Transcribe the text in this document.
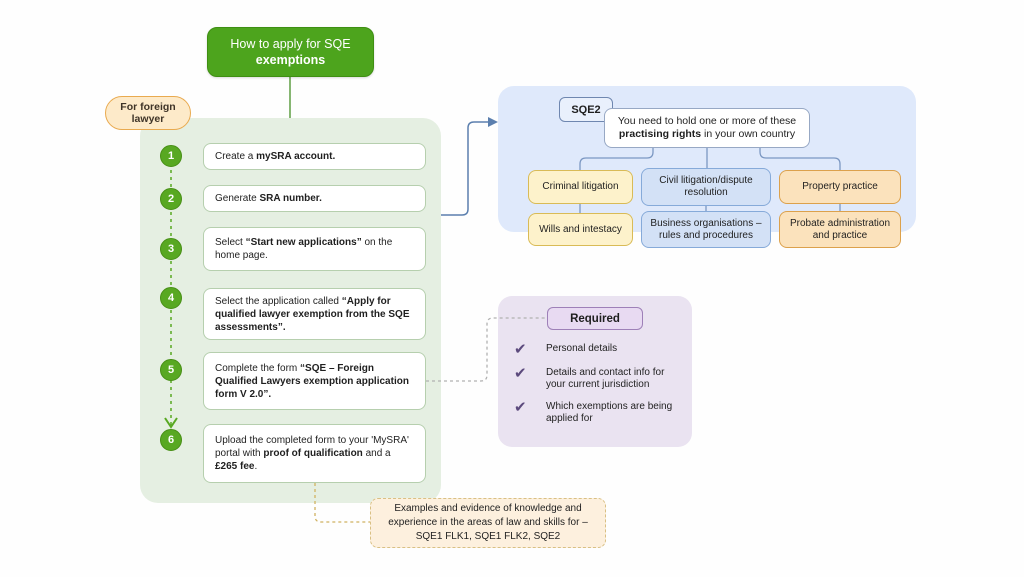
How to apply for SQE
exemptions
For foreign
lawyer
1
2
3
4
5
6
Create a mySRA account.
Generate SRA number.
Select “Start new applications” on the home page.
Select the application called “Apply for qualified lawyer exemption from the SQE assessments”.
Complete the form “SQE – Foreign Qualified Lawyers exemption application form V 2.0”.
Upload the completed form to your 'MySRA' portal with proof of qualification and a £265 fee.
SQE2
You need to hold one or more of these
practising rights in your own country
Criminal litigation
Civil litigation/dispute resolution
Property practice
Wills and intestacy
Business organisations – rules and procedures
Probate administration and practice
Required
✔	Personal details
✔	Details and contact info for
your current jurisdiction
✔	Which exemptions are being
applied for
Examples and evidence of knowledge and
experience in the areas of law and skills for –
SQE1 FLK1, SQE1 FLK2, SQE2
